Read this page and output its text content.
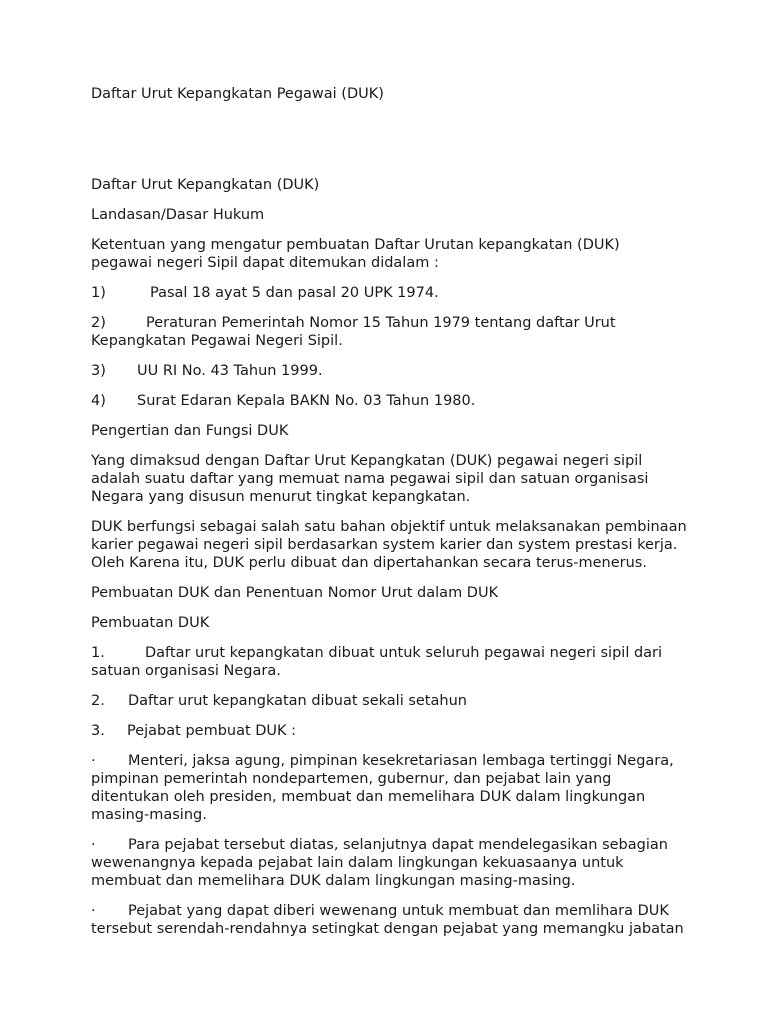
Daftar Urut Kepangkatan Pegawai (DUK)

Daftar Urut Kepangkatan (DUK)

Landasan/Dasar Hukum

Ketentuan yang mengatur pembuatan Daftar Urutan kepangkatan (DUK)
pegawai negeri Sipil dapat ditemukan didalam :

1)	Pasal 18 ayat 5 dan pasal 20 UPK 1974.

2)	Peraturan Pemerintah Nomor 15 Tahun 1979 tentang daftar Urut
Kepangkatan Pegawai Negeri Sipil.

3) UU RI No. 43 Tahun 1999.

4) Surat Edaran Kepala BAKN No. 03 Tahun 1980.

Pengertian dan Fungsi DUK

Yang dimaksud dengan Daftar Urut Kepangkatan (DUK) pegawai negeri sipil
adalah suatu daftar yang memuat nama pegawai sipil dan satuan organisasi
Negara yang disusun menurut tingkat kepangkatan.

DUK berfungsi sebagai salah satu bahan objektif untuk melaksanakan pembinaan
karier pegawai negeri sipil berdasarkan system karier dan system prestasi kerja.
Oleh Karena itu, DUK perlu dibuat dan dipertahankan secara terus-menerus.

Pembuatan DUK dan Penentuan Nomor Urut dalam DUK

Pembuatan DUK

1.	Daftar urut kepangkatan dibuat untuk seluruh pegawai negeri sipil dari
satuan organisasi Negara.

2. Daftar urut kepangkatan dibuat sekali setahun

3. Pejabat pembuat DUK :

· Menteri, jaksa agung, pimpinan kesekretariasan lembaga tertinggi Negara,
pimpinan pemerintah nondepartemen, gubernur, dan pejabat lain yang
ditentukan oleh presiden, membuat dan memelihara DUK dalam lingkungan
masing-masing.

· Para pejabat tersebut diatas, selanjutnya dapat mendelegasikan sebagian
wewenangnya kepada pejabat lain dalam lingkungan kekuasaanya untuk
membuat dan memelihara DUK dalam lingkungan masing-masing.

· Pejabat yang dapat diberi wewenang untuk membuat dan memlihara DUK
tersebut serendah-rendahnya setingkat dengan pejabat yang memangku jabatan
